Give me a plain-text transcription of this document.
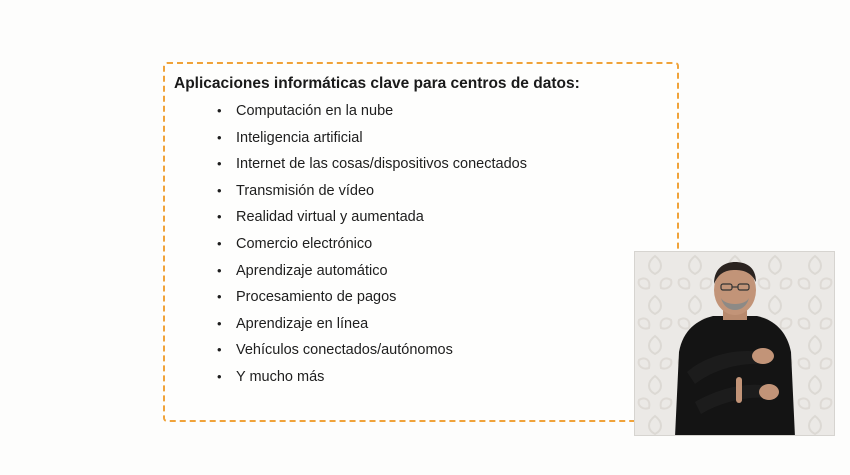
Aplicaciones informáticas clave para centros de datos:
• Computación en la nube
• Inteligencia artificial
• Internet de las cosas/dispositivos conectados
• Transmisión de vídeo
• Realidad virtual y aumentada
• Comercio electrónico
• Aprendizaje automático
• Procesamiento de pagos
• Aprendizaje en línea
• Vehículos conectados/autónomos
• Y mucho más
